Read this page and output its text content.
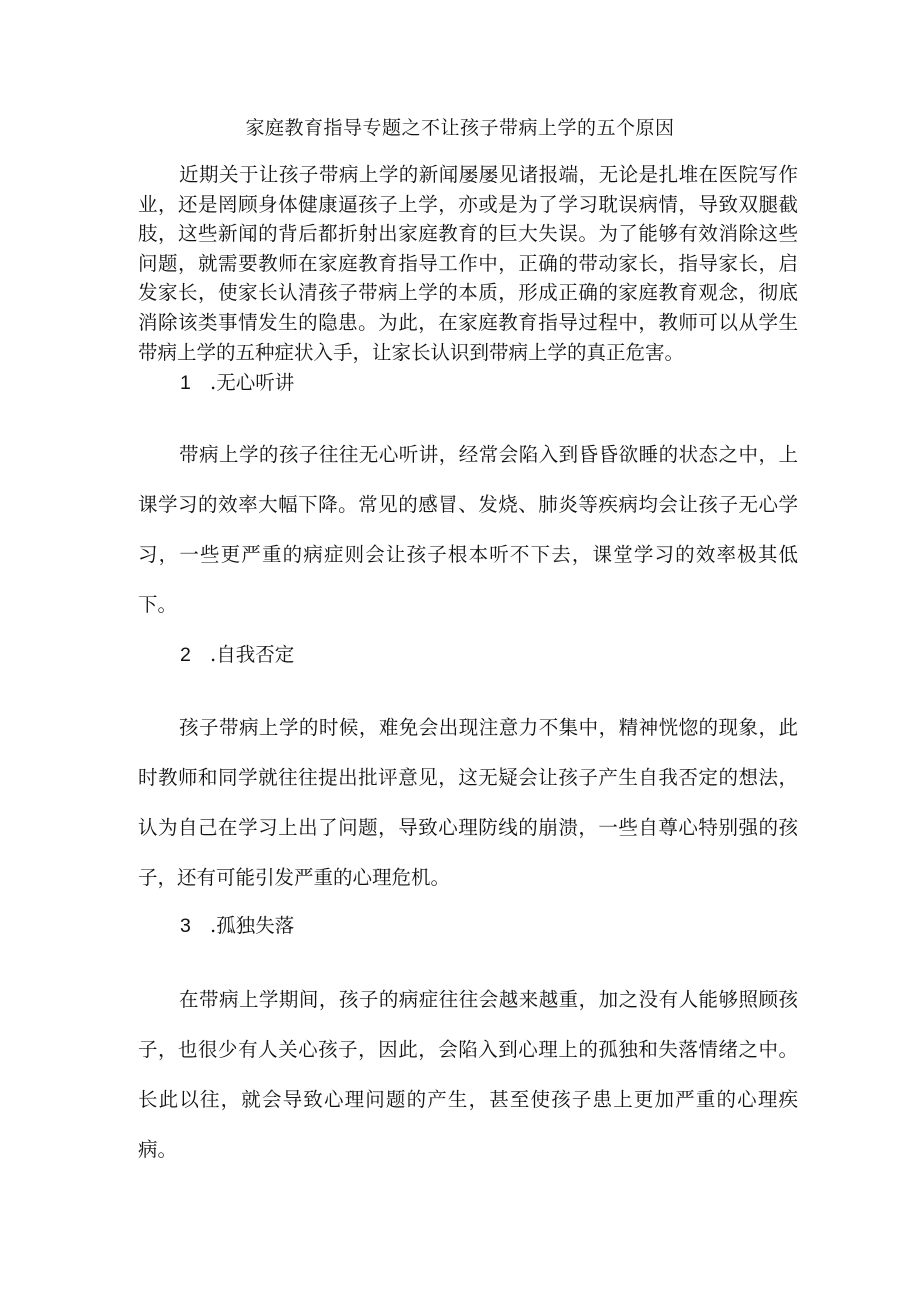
家庭教育指导专题之不让孩子带病上学的五个原因

近期关于让孩子带病上学的新闻屡屡见诸报端，无论是扎堆在医院写作业，还是罔顾身体健康逼孩子上学，亦或是为了学习耽误病情，导致双腿截肢，这些新闻的背后都折射出家庭教育的巨大失误。为了能够有效消除这些问题，就需要教师在家庭教育指导工作中，正确的带动家长，指导家长，启发家长，使家长认清孩子带病上学的本质，形成正确的家庭教育观念，彻底消除该类事情发生的隐患。为此，在家庭教育指导过程中，教师可以从学生带病上学的五种症状入手，让家长认识到带病上学的真正危害。

1 .无心听讲

带病上学的孩子往往无心听讲，经常会陷入到昏昏欲睡的状态之中，上课学习的效率大幅下降。常见的感冒、发烧、肺炎等疾病均会让孩子无心学习，一些更严重的病症则会让孩子根本听不下去，课堂学习的效率极其低下。

2 .自我否定

孩子带病上学的时候，难免会出现注意力不集中，精神恍惚的现象，此时教师和同学就往往提出批评意见，这无疑会让孩子产生自我否定的想法，认为自己在学习上出了问题，导致心理防线的崩溃，一些自尊心特别强的孩子，还有可能引发严重的心理危机。

3 .孤独失落

在带病上学期间，孩子的病症往往会越来越重，加之没有人能够照顾孩子，也很少有人关心孩子，因此，会陷入到心理上的孤独和失落情绪之中。长此以往，就会导致心理问题的产生，甚至使孩子患上更加严重的心理疾病。
